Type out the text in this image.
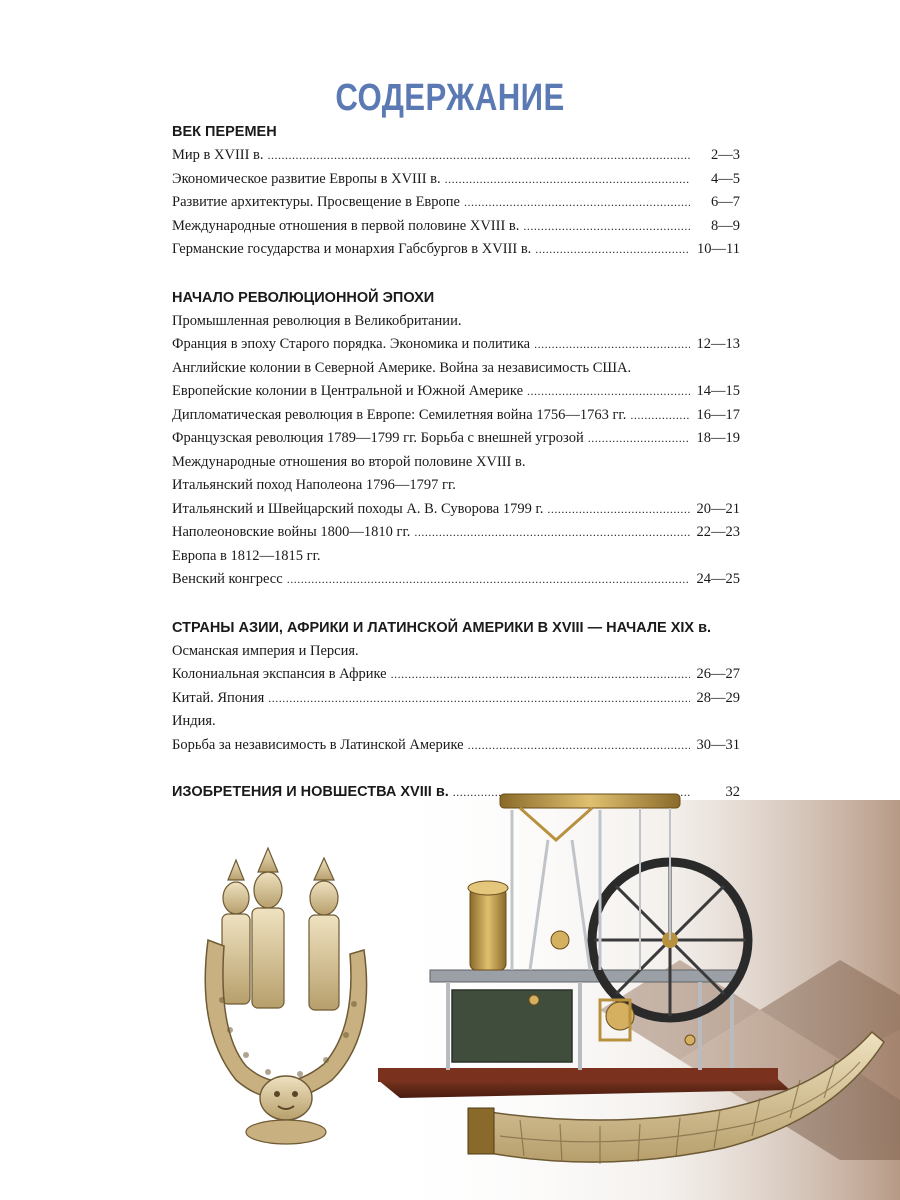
СОДЕРЖАНИЕ
ВЕК ПЕРЕМЕН
Мир в XVIII в. .....	2—3
Экономическое развитие Европы в XVIII в. .....	4—5
Развитие архитектуры. Просвещение в Европе .....	6—7
Международные отношения в первой половине XVIII в. .....	8—9
Германские государства и монархия Габсбургов в XVIII в. .....	10—11
НАЧАЛО РЕВОЛЮЦИОННОЙ ЭПОХИ
Промышленная революция в Великобритании.
Франция в эпоху Старого порядка. Экономика и политика .....	12—13
Английские колонии в Северной Америке. Война за независимость США.
Европейские колонии в Центральной и Южной Америке .....	14—15
Дипломатическая революция в Европе: Семилетняя война 1756—1763 гг. .....	16—17
Французская революция 1789—1799 гг. Борьба с внешней угрозой .....	18—19
Международные отношения во второй половине XVIII в.
Итальянский поход Наполеона 1796—1797 гг.
Итальянский и Швейцарский походы А. В. Суворова 1799 г. .....	20—21
Наполеоновские войны 1800—1810 гг. .....	22—23
Европа в 1812—1815 гг.
Венский конгресс .....	24—25
СТРАНЫ АЗИИ, АФРИКИ И ЛАТИНСКОЙ АМЕРИКИ В XVIII — НАЧАЛЕ XIX в.
Османская империя и Персия.
Колониальная экспансия в Африке .....	26—27
Китай. Япония .....	28—29
Индия.
Борьба за независимость в Латинской Америке .....	30—31
ИЗОБРЕТЕНИЯ И НОВШЕСТВА XVIII в. .....	32
